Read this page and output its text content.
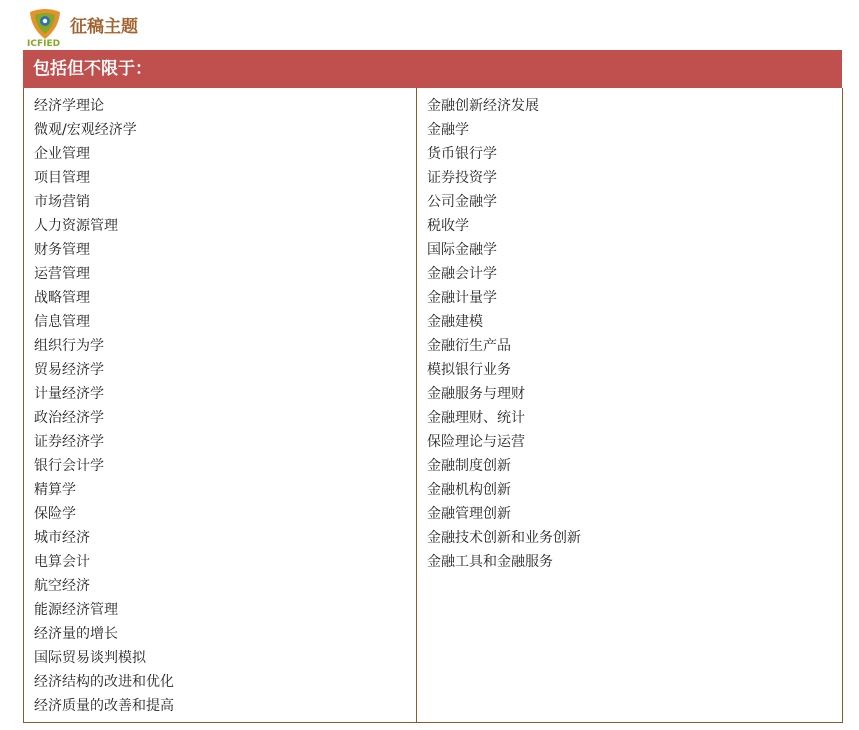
ICFIED
征稿主题
包括但不限于：
经济学理论
微观/宏观经济学
企业管理
项目管理
市场营销
人力资源管理
财务管理
运营管理
战略管理
信息管理
组织行为学
贸易经济学
计量经济学
政治经济学
证券经济学
银行会计学
精算学
保险学
城市经济
电算会计
航空经济
能源经济管理
经济量的增长
国际贸易谈判模拟
经济结构的改进和优化
经济质量的改善和提高
金融创新经济发展
金融学
货币银行学
证券投资学
公司金融学
税收学
国际金融学
金融会计学
金融计量学
金融建模
金融衍生产品
模拟银行业务
金融服务与理财
金融理财、统计
保险理论与运营
金融制度创新
金融机构创新
金融管理创新
金融技术创新和业务创新
金融工具和金融服务
